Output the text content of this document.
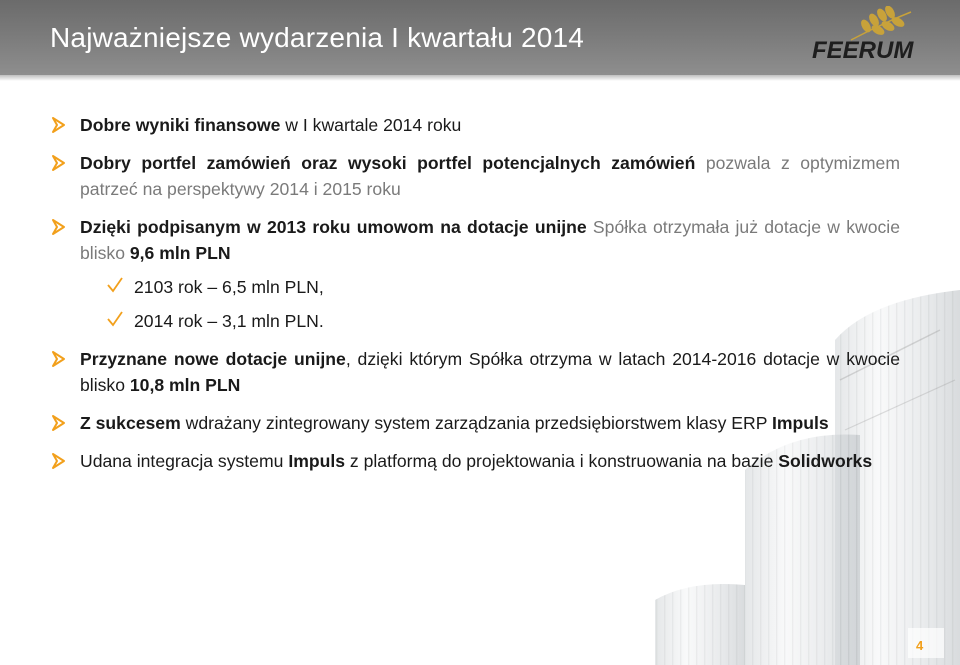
Najważniejsze wydarzenia I kwartału 2014	FEERUM
Dobre wyniki finansowe w I kwartale 2014 roku
Dobry portfel zamówień oraz wysoki portfel potencjalnych zamówień pozwala z optymizmem patrzeć na perspektywy 2014 i 2015 roku
Dzięki podpisanym w 2013 roku umowom na dotacje unijne Spółka otrzymała już dotacje w kwocie blisko 9,6 mln PLN
2103 rok – 6,5 mln PLN,
2014 rok – 3,1 mln PLN.
Przyznane nowe dotacje unijne, dzięki którym Spółka otrzyma w latach 2014-2016 dotacje w kwocie blisko 10,8 mln PLN
Z sukcesem wdrażany zintegrowany system zarządzania przedsiębiorstwem klasy ERP Impuls
Udana integracja systemu Impuls z platformą do projektowania i konstruowania na bazie Solidworks
4
